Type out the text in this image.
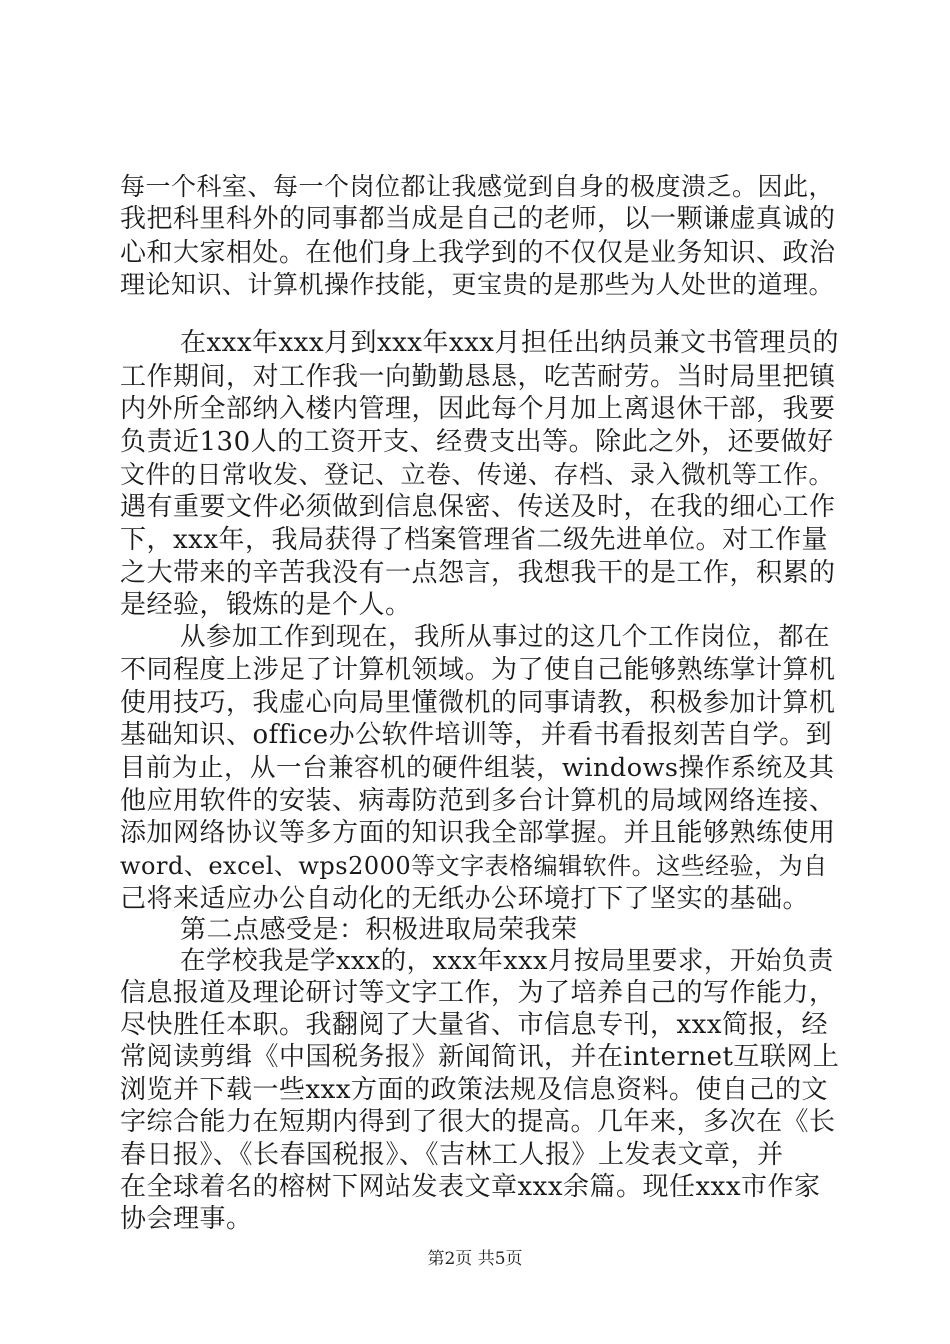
每一个科室、每一个岗位都让我感觉到自身的极度溃乏。因此，
我把科里科外的同事都当成是自己的老师，以一颗谦虚真诚的
心和大家相处。在他们身上我学到的不仅仅是业务知识、政治
理论知识、计算机操作技能，更宝贵的是那些为人处世的道理。
在xxx年xxx月到xxx年xxx月担任出纳员兼文书管理员的
工作期间，对工作我一向勤勤恳恳，吃苦耐劳。当时局里把镇
内外所全部纳入楼内管理，因此每个月加上离退休干部，我要
负责近130人的工资开支、经费支出等。除此之外，还要做好
文件的日常收发、登记、立卷、传递、存档、录入微机等工作。
遇有重要文件必须做到信息保密、传送及时，在我的细心工作
下，xxx年，我局获得了档案管理省二级先进单位。对工作量
之大带来的辛苦我没有一点怨言，我想我干的是工作，积累的
是经验，锻炼的是个人。
从参加工作到现在，我所从事过的这几个工作岗位，都在
不同程度上涉足了计算机领域。为了使自己能够熟练掌计算机
使用技巧，我虚心向局里懂微机的同事请教，积极参加计算机
基础知识、office办公软件培训等，并看书看报刻苦自学。到
目前为止，从一台兼容机的硬件组装，windows操作系统及其
他应用软件的安装、病毒防范到多台计算机的局域网络连接、
添加网络协议等多方面的知识我全部掌握。并且能够熟练使用
word、excel、wps2000等文字表格编辑软件。这些经验，为自
己将来适应办公自动化的无纸办公环境打下了坚实的基础。
第二点感受是：积极进取局荣我荣
在学校我是学xxx的，xxx年xxx月按局里要求，开始负责
信息报道及理论研讨等文字工作，为了培养自己的写作能力，
尽快胜任本职。我翻阅了大量省、市信息专刊，xxx简报，经
常阅读剪缉《中国税务报》新闻简讯，并在internet互联网上
浏览并下载一些xxx方面的政策法规及信息资料。使自己的文
字综合能力在短期内得到了很大的提高。几年来，多次在《长
春日报》、《长春国税报》、《吉林工人报》上发表文章，并
在全球着名的榕树下网站发表文章xxx余篇。现任xxx市作家
协会理事。
第2页 共5页
